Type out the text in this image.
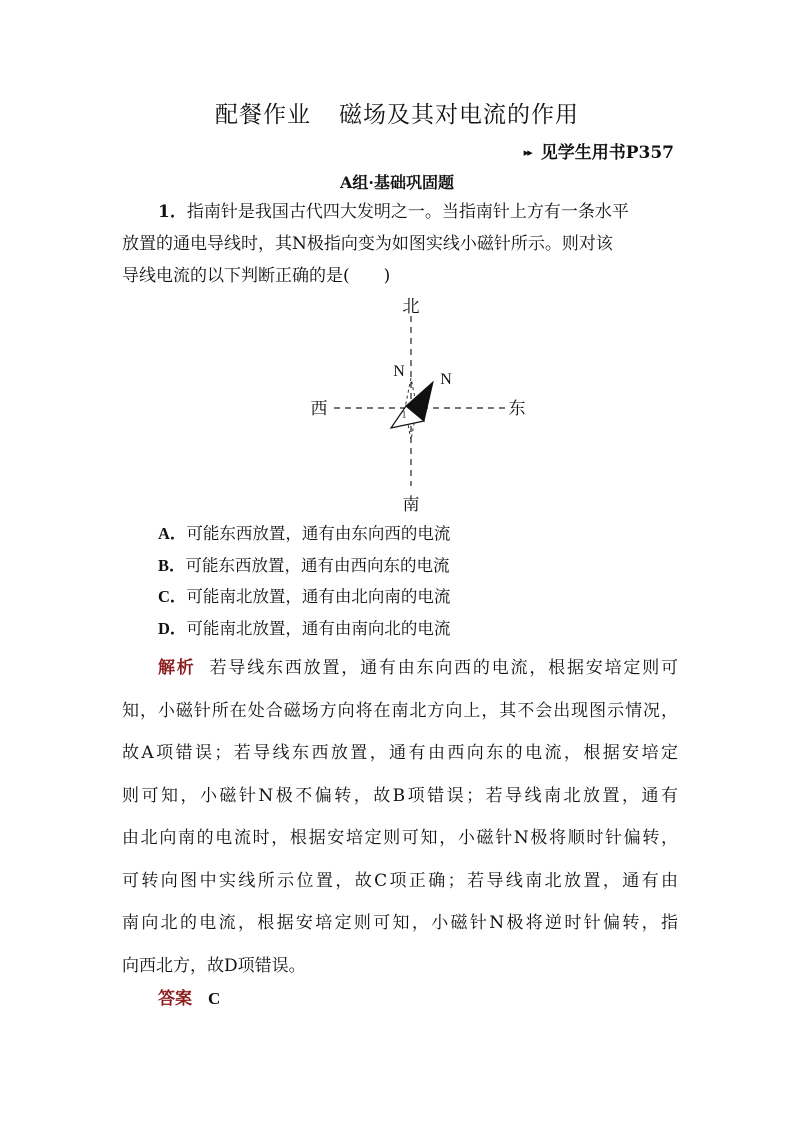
配餐作业 磁场及其对电流的作用
▸▸ 见学生用书P357
A组·基础巩固题
1．指南针是我国古代四大发明之一。当指南针上方有一条水平
放置的通电导线时，其N极指向变为如图实线小磁针所示。则对该
导线电流的以下判断正确的是(　　)
北
南
西	东
N N
1
A．可能东西放置，通有由东向西的电流
B．可能东西放置，通有由西向东的电流
C．可能南北放置，通有由北向南的电流
D．可能南北放置，通有由南向北的电流
解析 若导线东西放置，通有由东向西的电流，根据安培定则可
知，小磁针所在处合磁场方向将在南北方向上，其不会出现图示情况，
故A项错误；若导线东西放置，通有由西向东的电流，根据安培定
则可知，小磁针N极不偏转，故B项错误；若导线南北放置，通有
由北向南的电流时，根据安培定则可知，小磁针N极将顺时针偏转，
可转向图中实线所示位置，故C项正确；若导线南北放置，通有由
南向北的电流，根据安培定则可知，小磁针N极将逆时针偏转，指
向西北方，故D项错误。
答案 C
